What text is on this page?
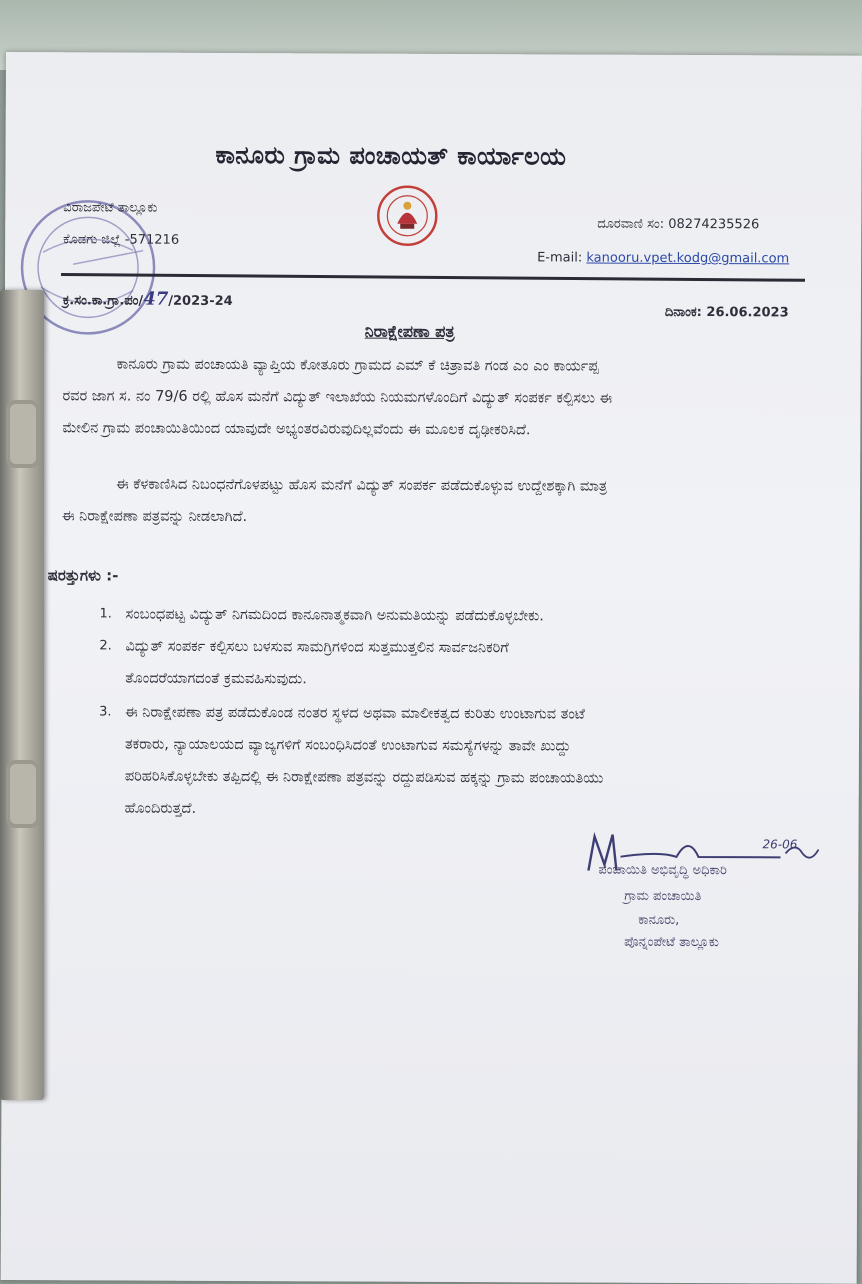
ಕಾನೂರು ಗ್ರಾಮ ಪಂಚಾಯತ್ ಕಾರ್ಯಾಲಯ
ವಿರಾಜಪೇಟೆ ತಾಲ್ಲೂಕು
ಕೊಡಗು ಜಿಲ್ಲೆ -571216
ದೂರವಾಣಿ ಸಂ: 08274235526
E-mail: kanooru.vpet.kodg@gmail.com
ಕ್ರ.ಸಂ.ಕಾ.ಗ್ರಾ.ಪಂ/47/2023-24
ದಿನಾಂಕ: 26.06.2023
ನಿರಾಕ್ಷೇಪಣಾ ಪತ್ರ
ಕಾನೂರು ಗ್ರಾಮ ಪಂಚಾಯತಿ ವ್ಯಾಪ್ತಿಯ ಕೋತೂರು ಗ್ರಾಮದ ಎಮ್ ಕೆ ಚಿತ್ರಾವತಿ ಗಂಡ ಎಂ ಎಂ ಕಾರ್ಯಪ್ಪ
ರವರ ಜಾಗ ಸ. ನಂ 79/6 ರಲ್ಲಿ ಹೊಸ ಮನೆಗೆ ವಿದ್ಯುತ್ ಇಲಾಖೆಯ ನಿಯಮಗಳೊಂದಿಗೆ ವಿದ್ಯುತ್ ಸಂಪರ್ಕ ಕಲ್ಪಿಸಲು ಈ
ಮೇಲಿನ ಗ್ರಾಮ ಪಂಚಾಯಿತಿಯಿಂದ ಯಾವುದೇ ಅಭ್ಯಂತರವಿರುವುದಿಲ್ಲವೆಂದು ಈ ಮೂಲಕ ದೃಢೀಕರಿಸಿದೆ.
ಈ ಕೆಳಕಾಣಿಸಿದ ನಿಬಂಧನೆಗೊಳಪಟ್ಟು ಹೊಸ ಮನೆಗೆ ವಿದ್ಯುತ್ ಸಂಪರ್ಕ ಪಡೆದುಕೊಳ್ಳುವ ಉದ್ದೇಶಕ್ಕಾಗಿ ಮಾತ್ರ
ಈ ನಿರಾಕ್ಷೇಪಣಾ ಪತ್ರವನ್ನು ನೀಡಲಾಗಿದೆ.
ಷರತ್ತುಗಳು :-
1. ಸಂಬಂಧಪಟ್ಟ ವಿದ್ಯುತ್ ನಿಗಮದಿಂದ ಕಾನೂನಾತ್ಮಕವಾಗಿ ಅನುಮತಿಯನ್ನು ಪಡೆದುಕೊಳ್ಳಬೇಕು.
2. ವಿದ್ಯುತ್ ಸಂಪರ್ಕ ಕಲ್ಪಿಸಲು ಬಳಸುವ ಸಾಮಗ್ರಿಗಳಿಂದ ಸುತ್ತಮುತ್ತಲಿನ ಸಾರ್ವಜನಿಕರಿಗೆ
ತೊಂದರೆಯಾಗದಂತೆ ಕ್ರಮವಹಿಸುವುದು.
3. ಈ ನಿರಾಕ್ಷೇಪಣಾ ಪತ್ರ ಪಡೆದುಕೊಂಡ ನಂತರ ಸ್ಥಳದ ಅಥವಾ ಮಾಲೀಕತ್ವದ ಕುರಿತು ಉಂಟಾಗುವ ತಂಟೆ
ತಕರಾರು, ನ್ಯಾಯಾಲಯದ ವ್ಯಾಜ್ಯಗಳಿಗೆ ಸಂಬಂಧಿಸಿದಂತೆ ಉಂಟಾಗುವ ಸಮಸ್ಯೆಗಳನ್ನು ತಾವೇ ಖುದ್ದು
ಪರಿಹರಿಸಿಕೊಳ್ಳಬೇಕು ತಪ್ಪಿದಲ್ಲಿ ಈ ನಿರಾಕ್ಷೇಪಣಾ ಪತ್ರವನ್ನು ರದ್ದುಪಡಿಸುವ ಹಕ್ಕನ್ನು ಗ್ರಾಮ ಪಂಚಾಯತಿಯು
ಹೊಂದಿರುತ್ತದೆ.
26-06
ಪಂಚಾಯಿತಿ ಅಭಿವೃದ್ಧಿ ಅಧಿಕಾರಿ
ಗ್ರಾಮ ಪಂಚಾಯಿತಿ
ಕಾನೂರು,
ಪೊನ್ನಂಪೇಟೆ ತಾಲ್ಲೂಕು
